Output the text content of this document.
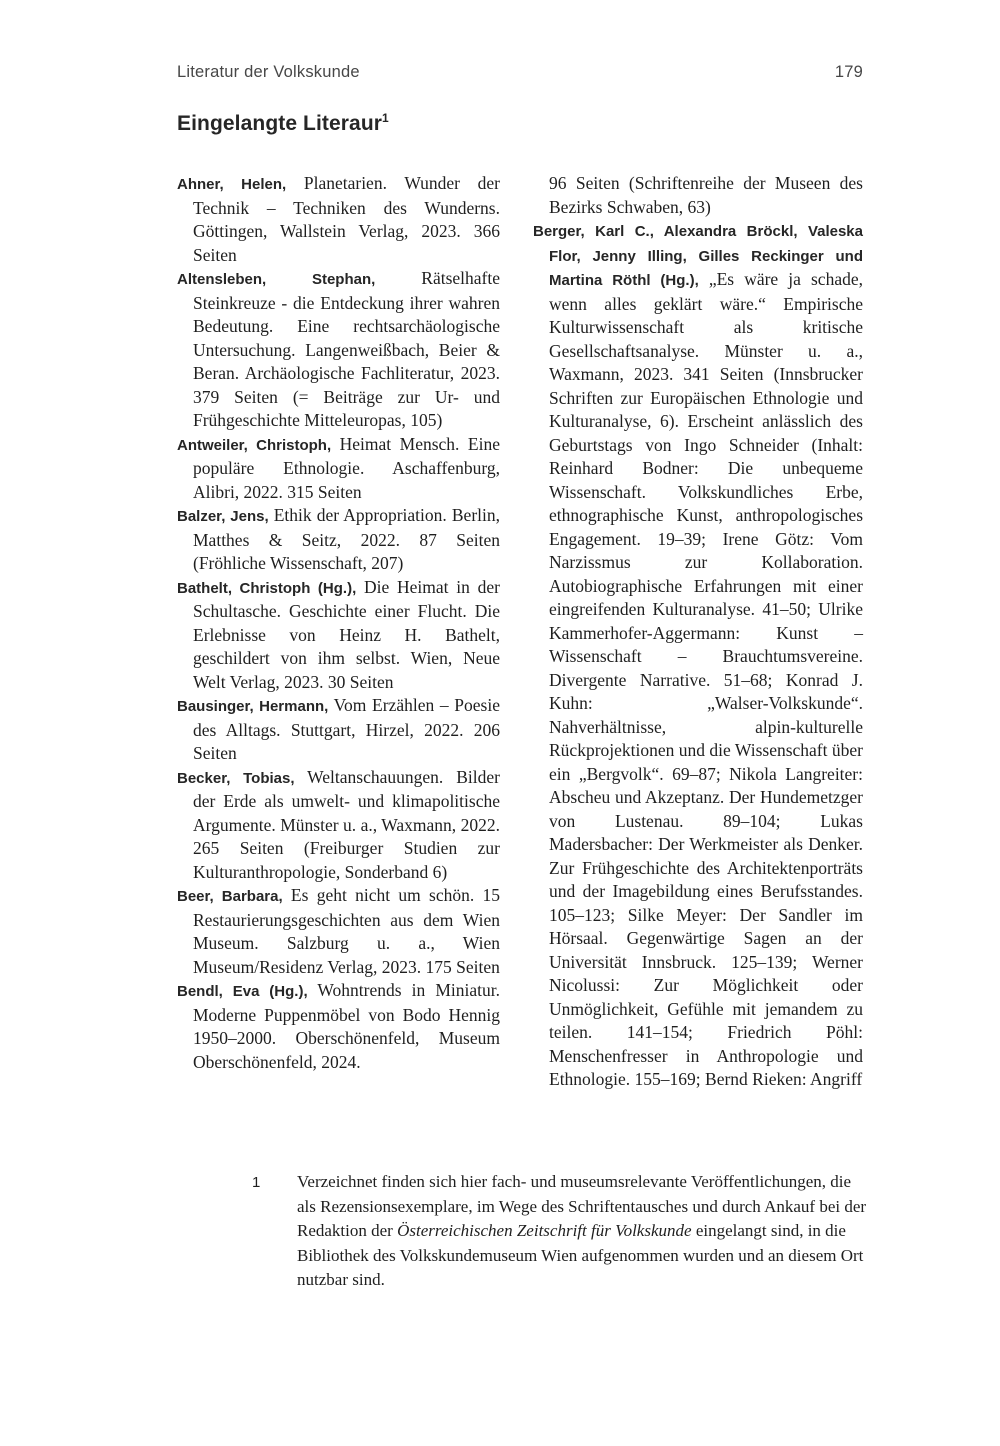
Literatur der Volkskunde	179
Eingelangte Literaur$^1$

Ahner, Helen, Planetarien. Wunder der Technik – Techniken des Wunderns. Göttingen, Wallstein Verlag, 2023. 366 Seiten

Altensleben, Stephan, Rätselhafte Steinkreuze - die Entdeckung ihrer wahren Bedeutung. Eine rechtsarchäologische Untersuchung. Langenweißbach, Beier & Beran. Archäologische Fachliteratur, 2023. 379 Seiten (= Beiträge zur Ur- und Frühgeschichte Mitteleuropas, 105)

Antweiler, Christoph, Heimat Mensch. Eine populäre Ethnologie. Aschaffenburg, Alibri, 2022. 315 Seiten

Balzer, Jens, Ethik der Appropriation. Berlin, Matthes & Seitz, 2022. 87 Seiten (Fröhliche Wissenschaft, 207)

Bathelt, Christoph (Hg.), Die Heimat in der Schultasche. Geschichte einer Flucht. Die Erlebnisse von Heinz H. Bathelt, geschildert von ihm selbst. Wien, Neue Welt Verlag, 2023. 30 Seiten

Bausinger, Hermann, Vom Erzählen – Poesie des Alltags. Stuttgart, Hirzel, 2022. 206 Seiten

Becker, Tobias, Weltanschauungen. Bilder der Erde als umwelt- und klimapolitische Argumente. Münster u. a., Waxmann, 2022. 265 Seiten (Freiburger Studien zur Kulturanthropologie, Sonderband 6)

Beer, Barbara, Es geht nicht um schön. 15 Restaurierungsgeschichten aus dem Wien Museum. Salzburg u. a., Wien Museum/Residenz Verlag, 2023. 175 Seiten

Bendl, Eva (Hg.), Wohntrends in Miniatur. Moderne Puppenmöbel von Bodo Hennig 1950–2000. Oberschönenfeld, Museum Oberschönenfeld, 2024.

96 Seiten (Schriftenreihe der Museen des Bezirks Schwaben, 63)

Berger, Karl C., Alexandra Bröckl, Valeska Flor, Jenny Illing, Gilles Reckinger und Martina Röthl (Hg.), „Es wäre ja schade, wenn alles geklärt wäre.“ Empirische Kulturwissenschaft als kritische Gesellschaftsanalyse. Münster u. a., Waxmann, 2023. 341 Seiten (Innsbrucker Schriften zur Europäischen Ethnologie und Kulturanalyse, 6). Erscheint anlässlich des Geburtstags von Ingo Schneider (Inhalt: Reinhard Bodner: Die unbequeme Wissenschaft. Volkskundliches Erbe, ethnographische Kunst, anthropologisches Engagement. 19–39; Irene Götz: Vom Narzissmus zur Kollaboration. Autobiographische Erfahrungen mit einer eingreifenden Kulturanalyse. 41–50; Ulrike Kammerhofer-Aggermann: Kunst – Wissenschaft – Brauchtumsvereine. Divergente Narrative. 51–68; Konrad J. Kuhn: „Walser-Volkskunde“. Nahverhältnisse, alpin-kulturelle Rückprojektionen und die Wissenschaft über ein „Bergvolk“. 69–87; Nikola Langreiter: Abscheu und Akzeptanz. Der Hundemetzger von Lustenau. 89–104; Lukas Madersbacher: Der Werkmeister als Denker. Zur Frühgeschichte des Architektenporträts und der Imagebildung eines Berufsstandes. 105–123; Silke Meyer: Der Sandler im Hörsaal. Gegenwärtige Sagen an der Universität Innsbruck. 125–139; Werner Nicolussi: Zur Möglichkeit oder Unmöglichkeit, Gefühle mit jemandem zu teilen. 141–154; Friedrich Pöhl: Menschenfresser in Anthropologie und Ethnologie. 155–169; Bernd Rieken: Angriff

1	Verzeichnet finden sich hier fach- und museumsrelevante Veröffentlichungen, die als Rezensionsexemplare, im Wege des Schriftentausches und durch Ankauf bei der Redaktion der Österreichischen Zeitschrift für Volkskunde eingelangt sind, in die Bibliothek des Volkskundemuseum Wien aufgenommen wurden und an diesem Ort nutzbar sind.
